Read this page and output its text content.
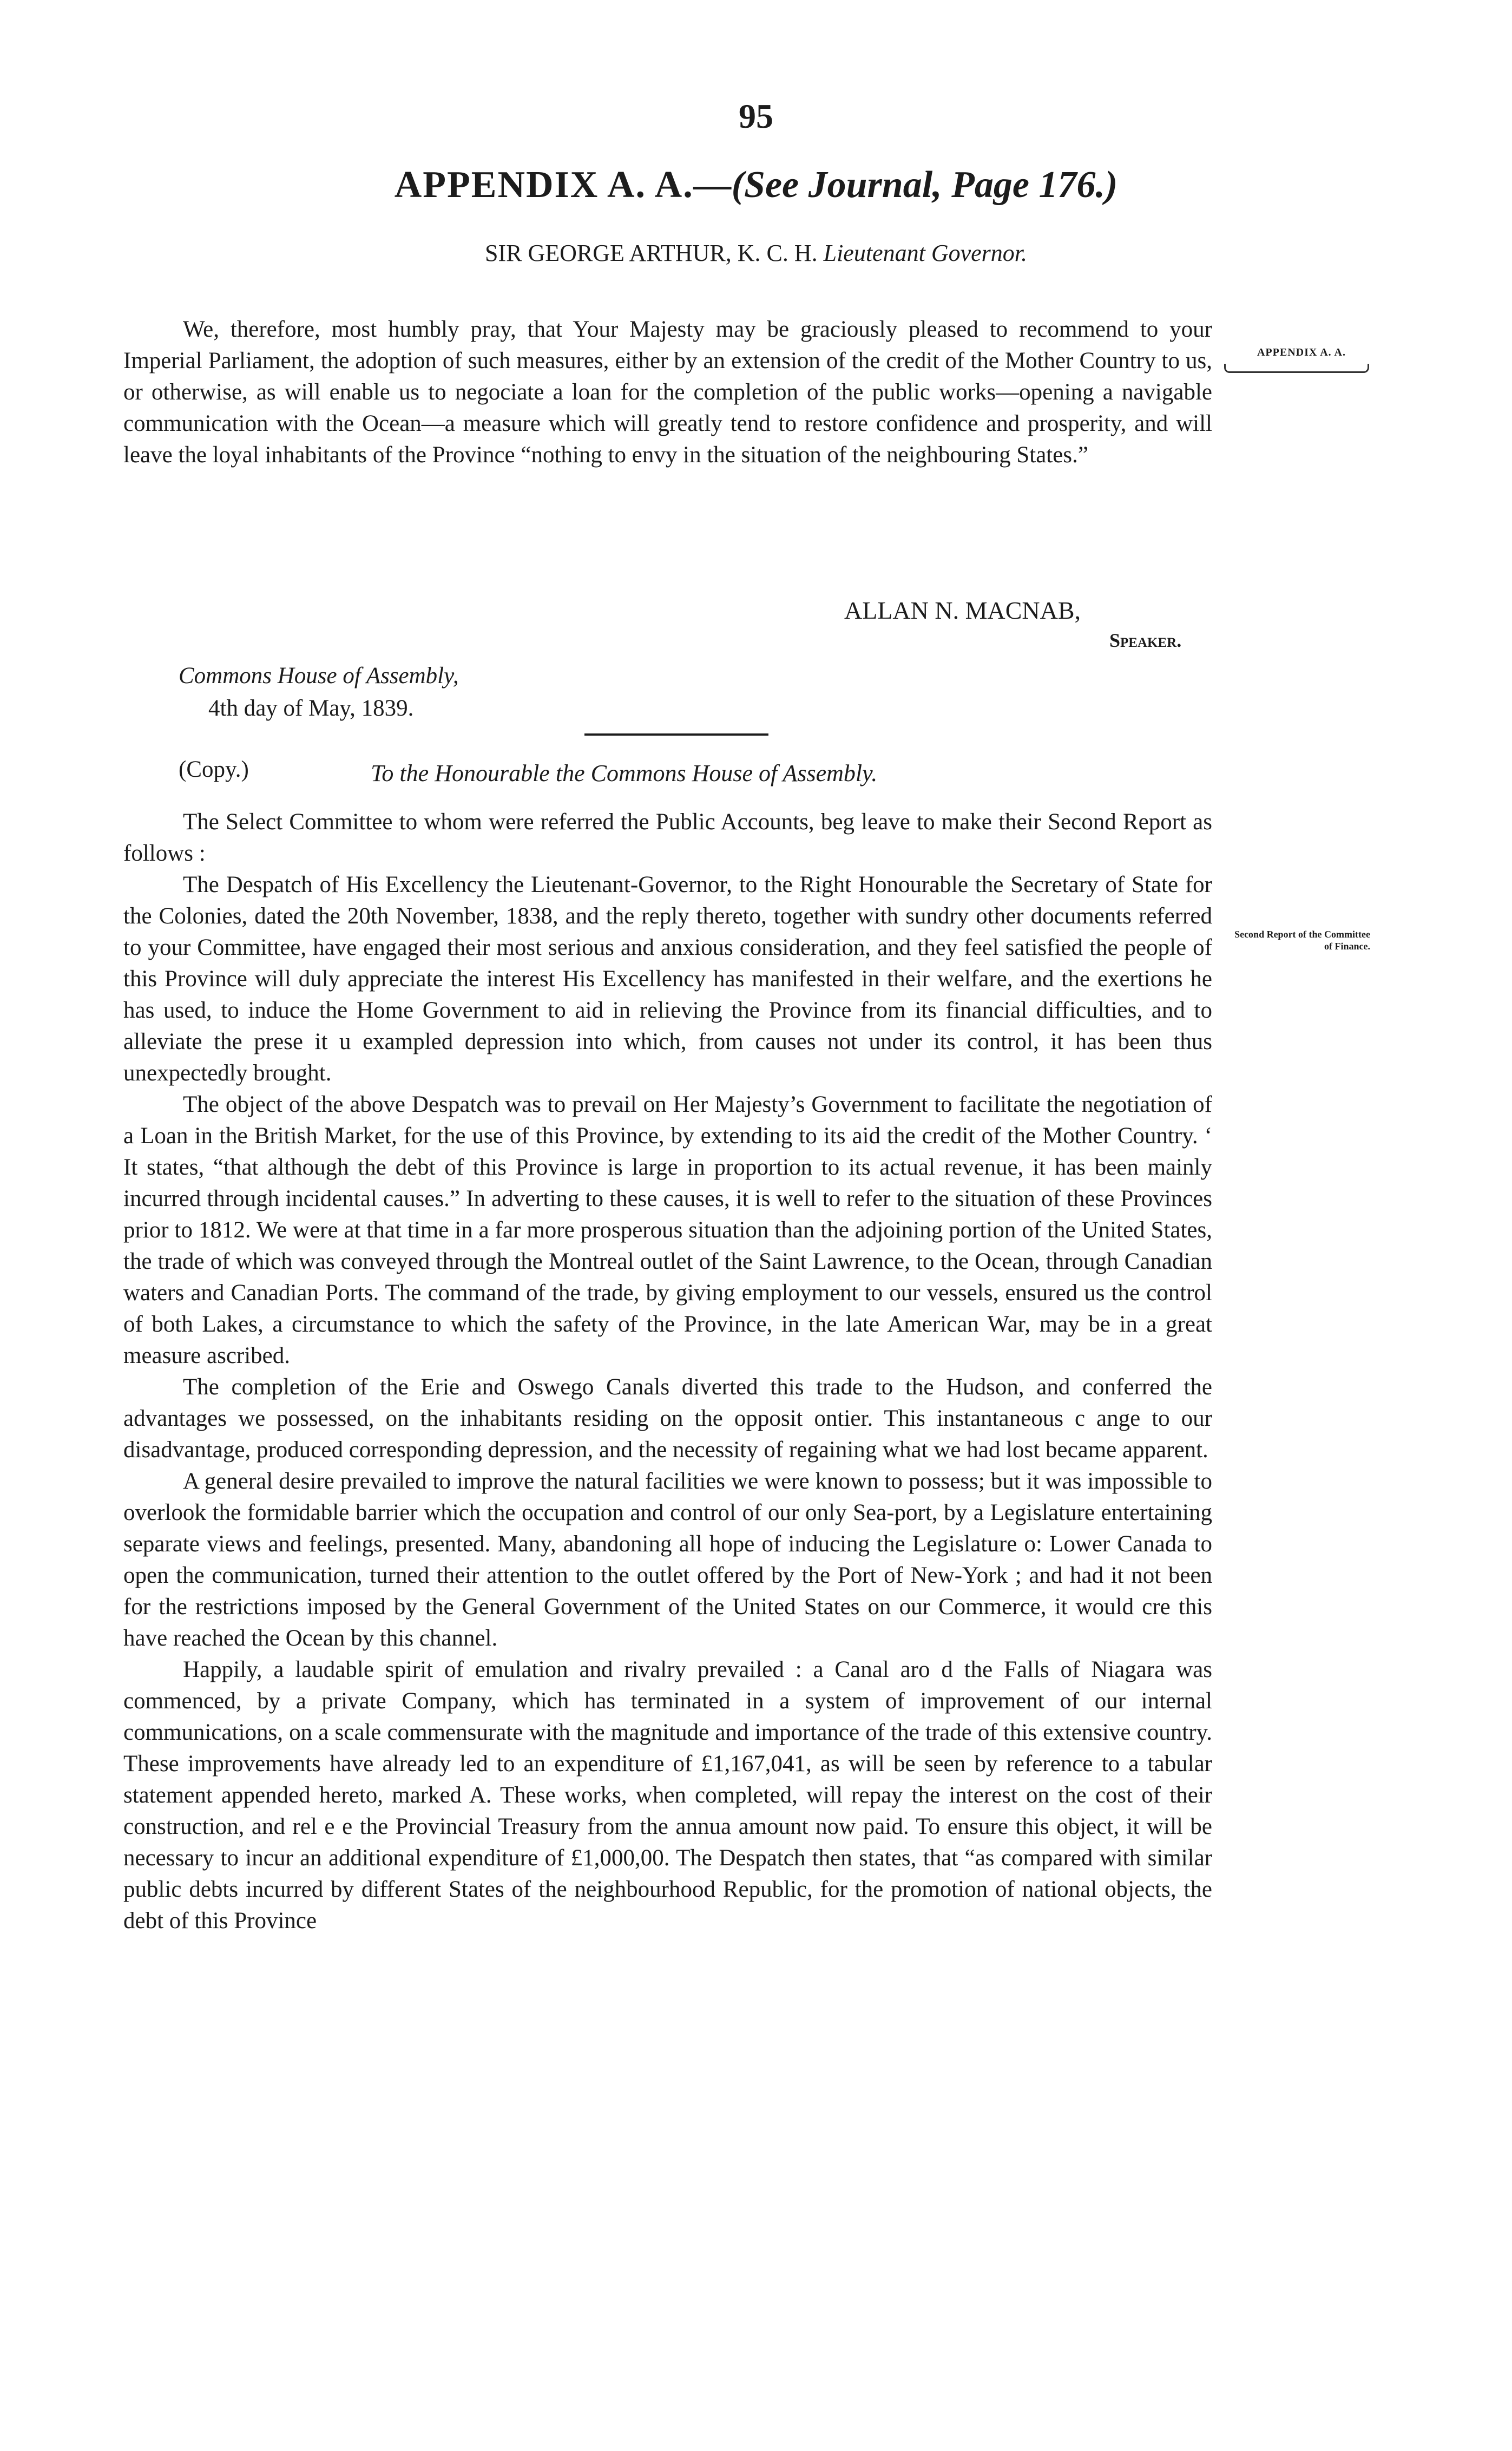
95
APPENDIX A. A.—(See Journal, Page 176.)
SIR GEORGE ARTHUR, K. C. H. Lieutenant Governor.
APPENDIX A. A.

We, therefore, most humbly pray, that Your Majesty may be graciously pleased to recommend to your Imperial Parliament, the adoption of such measures, either by an extension of the credit of the Mother Country to us, or otherwise, as will enable us to negociate a loan for the completion of the public works—opening a navigable communication with the Ocean—a measure which will greatly tend to restore confidence and prosperity, and will leave the loyal inhabitants of the Province “nothing to envy in the situation of the neighbouring States.”

ALLAN N. MACNAB,
Speaker.
Commons House of Assembly,
4th day of May, 1839.
(Copy.)	To the Honourable the Commons House of Assembly.
Second Report of the Committee of Finance.

The Select Committee to whom were referred the Public Accounts, beg leave to make their Second Report as follows :

The Despatch of His Excellency the Lieutenant-Governor, to the Right Honourable the Secretary of State for the Colonies, dated the 20th November, 1838, and the reply thereto, together with sundry other documents referred to your Committee, have engaged their most serious and anxious consideration, and they feel satisfied the people of this Province will duly appreciate the interest His Excellency has manifested in their welfare, and the exertions he has used, to induce the Home Government to aid in relieving the Province from its financial difficulties, and to alleviate the prese it u exampled depression into which, from causes not under its control, it has been thus unexpectedly brought.

The object of the above Despatch was to prevail on Her Majesty’s Government to facilitate the negotiation of a Loan in the British Market, for the use of this Province, by extending to its aid the credit of the Mother Country. ‘ It states, “that although the debt of this Province is large in proportion to its actual revenue, it has been mainly incurred through incidental causes.” In adverting to these causes, it is well to refer to the situation of these Provinces prior to 1812. We were at that time in a far more prosperous situation than the adjoining portion of the United States, the trade of which was conveyed through the Montreal outlet of the Saint Lawrence, to the Ocean, through Canadian waters and Canadian Ports. The command of the trade, by giving employment to our vessels, ensured us the control of both Lakes, a circumstance to which the safety of the Province, in the late American War, may be in a great measure ascribed.

The completion of the Erie and Oswego Canals diverted this trade to the Hudson, and conferred the advantages we possessed, on the inhabitants residing on the opposit ontier. This instantaneous c ange to our disadvantage, produced corresponding depression, and the necessity of regaining what we had lost became apparent.

A general desire prevailed to improve the natural facilities we were known to possess; but it was impossible to overlook the formidable barrier which the occupation and control of our only Sea-port, by a Legislature entertaining separate views and feelings, presented. Many, abandoning all hope of inducing the Legislature o: Lower Canada to open the communication, turned their attention to the outlet offered by the Port of New-York ; and had it not been for the restrictions imposed by the General Government of the United States on our Commerce, it would cre this have reached the Ocean by this channel.

Happily, a laudable spirit of emulation and rivalry prevailed : a Canal aro d the Falls of Niagara was commenced, by a private Company, which has terminated in a system of improvement of our internal communications, on a scale commensurate with the magnitude and importance of the trade of this extensive country. These improvements have already led to an expenditure of £1,167,041, as will be seen by reference to a tabular statement appended hereto, marked A. These works, when completed, will repay the interest on the cost of their construction, and rel e e the Provincial Treasury from the annua amount now paid. To ensure this object, it will be necessary to incur an additional expenditure of £1,000,00. The Despatch then states, that “as compared with similar public debts incurred by different States of the neighbourhood Republic, for the promotion of national objects, the debt of this Province
